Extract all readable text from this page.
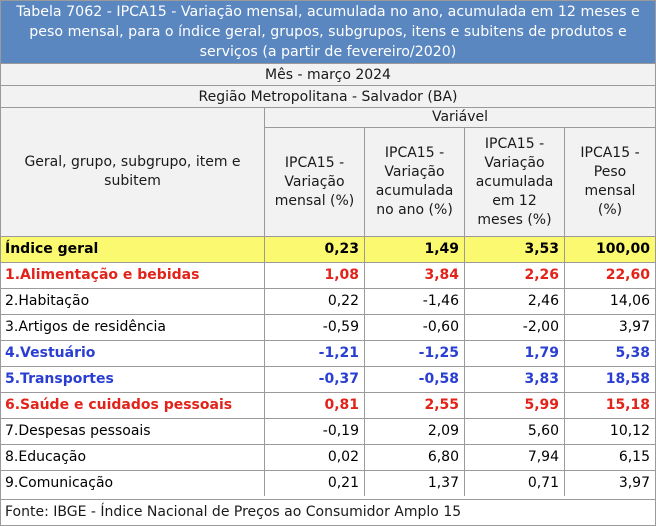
Tabela 7062 - IPCA15 - Variação mensal, acumulada no ano, acumulada em 12 meses e peso mensal, para o índice geral, grupos, subgrupos, itens e subitens de produtos e serviços (a partir de fevereiro/2020)
Mês - março 2024
Região Metropolitana - Salvador (BA)
Geral, grupo, subgrupo, item e subitem
Variável
IPCA15 - Variação mensal (%)
IPCA15 - Variação acumulada no ano (%)
IPCA15 - Variação acumulada em 12 meses (%)
IPCA15 - Peso mensal (%)
Índice geral	0,23	1,49	3,53	100,00
1.Alimentação e bebidas	1,08	3,84	2,26	22,60
2.Habitação	0,22	-1,46	2,46	14,06
3.Artigos de residência	-0,59	-0,60	-2,00	3,97
4.Vestuário	-1,21	-1,25	1,79	5,38
5.Transportes	-0,37	-0,58	3,83	18,58
6.Saúde e cuidados pessoais	0,81	2,55	5,99	15,18
7.Despesas pessoais	-0,19	2,09	5,60	10,12
8.Educação	0,02	6,80	7,94	6,15
9.Comunicação	0,21	1,37	0,71	3,97
Fonte: IBGE - Índice Nacional de Preços ao Consumidor Amplo 15
